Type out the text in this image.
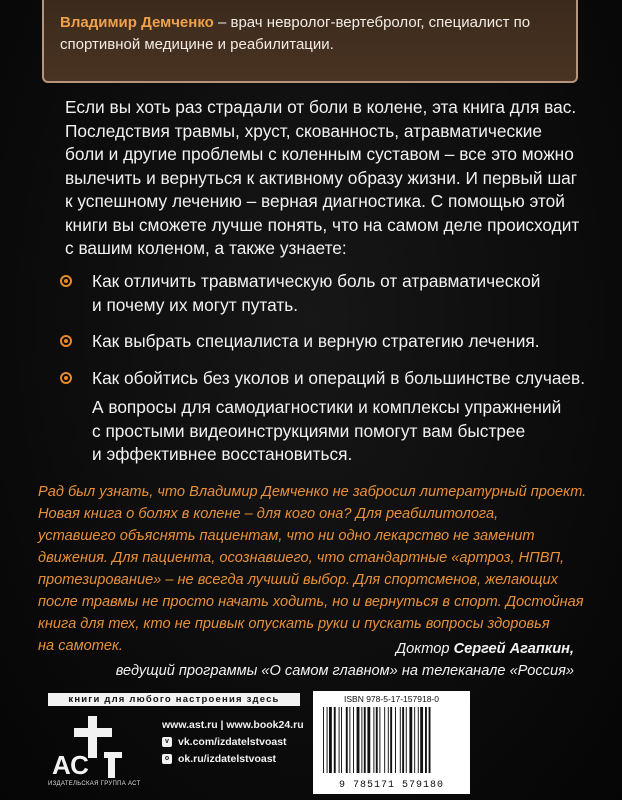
Владимир Демченко – врач невролог-вертебролог, специалист по
спортивной медицине и реабилитации.
Если вы хоть раз страдали от боли в колене, эта книга для вас.
Последствия травмы, хруст, скованность, атравматические
боли и другие проблемы с коленным суставом – все это можно
вылечить и вернуться к активному образу жизни. И первый шаг
к успешному лечению – верная диагностика. С помощью этой
книги вы сможете лучше понять, что на самом деле происходит
с вашим коленом, а также узнаете:
Как отличить травматическую боль от атравматической
и почему их могут путать.
Как выбрать специалиста и верную стратегию лечения.
Как обойтись без уколов и операций в большинстве случаев.
А вопросы для самодиагностики и комплексы упражнений
с простыми видеоинструкциями помогут вам быстрее
и эффективнее восстановиться.
Рад был узнать, что Владимир Демченко не забросил литературный проект.
Новая книга о болях в колене – для кого она? Для реабилитолога,
уставшего объяснять пациентам, что ни одно лекарство не заменит
движения. Для пациента, осознавшего, что стандартные «артроз, НПВП,
протезирование» – не всегда лучший выбор. Для спортсменов, желающих
после травмы не просто начать ходить, но и вернуться в спорт. Достойная
книга для тех, кто не привык опускать руки и пускать вопросы здоровья
на самотек.	Доктор Сергей Агапкин,
ведущий программы «О самом главном» на телеканале «Россия»
книги для любого настроения здесь
АС
ИЗДАТЕЛЬСКАЯ ГРУППА АСТ
www.ast.ru | www.book24.ru
v vk.com/izdatelstvoast
o ok.ru/izdatelstvoast
ISBN 978-5-17-157918-0
9 785171 579180
